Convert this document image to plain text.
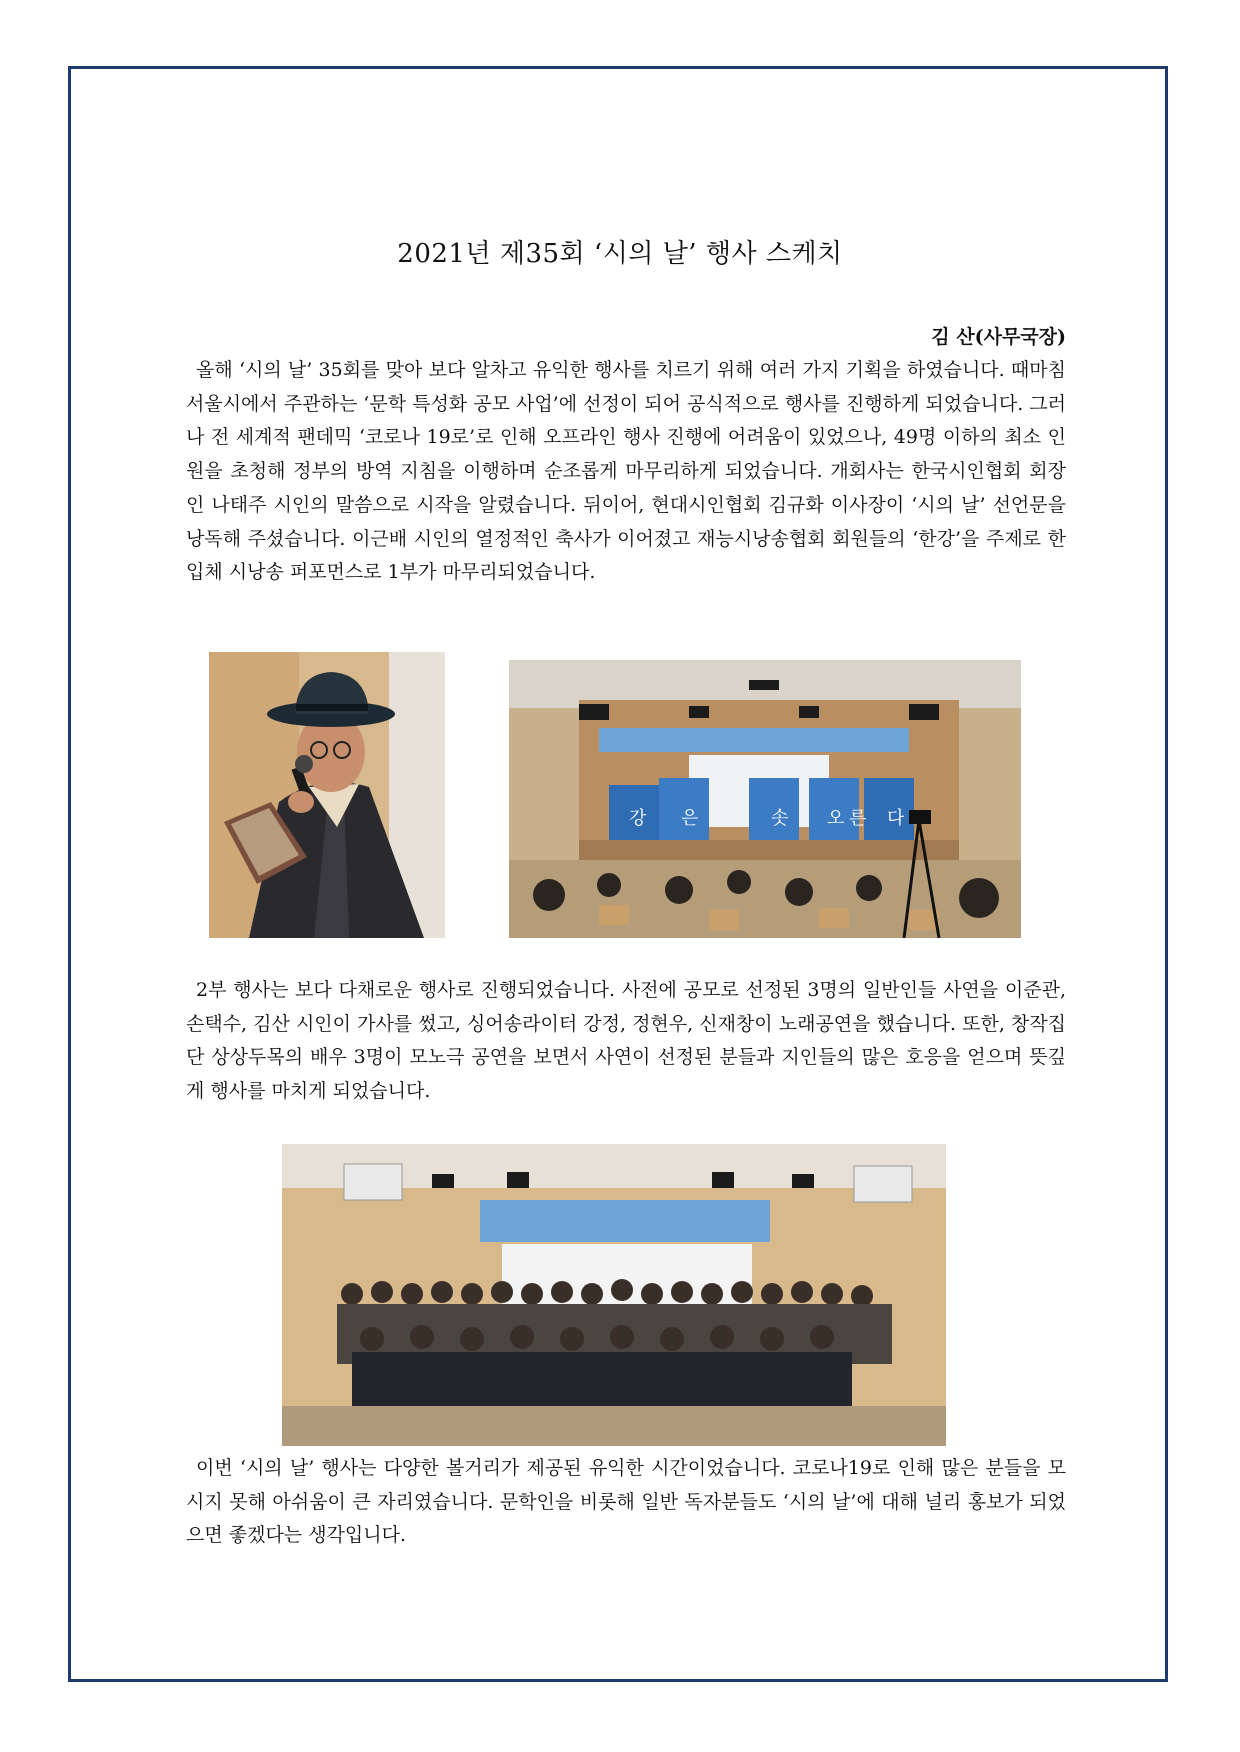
2021년 제35회 ‘시의 날’ 행사 스케치
김 산(사무국장)

올해 ‘시의 날’ 35회를 맞아 보다 알차고 유익한 행사를 치르기 위해 여러 가지 기획을 하였습니다. 때마침 서울시에서 주관하는 ‘문학 특성화 공모 사업’에 선정이 되어 공식적으로 행사를 진행하게 되었습니다. 그러나 전 세계적 팬데믹 ‘코로나 19로’로 인해 오프라인 행사 진행에 어려움이 있었으나, 49명 이하의 최소 인원을 초청해 정부의 방역 지침을 이행하며 순조롭게 마무리하게 되었습니다. 개회사는 한국시인협회 회장인 나태주 시인의 말씀으로 시작을 알렸습니다. 뒤이어, 현대시인협회 김규화 이사장이 ‘시의 날’ 선언문을 낭독해 주셨습니다. 이근배 시인의 열정적인 축사가 이어졌고 재능시낭송협회 회원들의 ‘한강’을 주제로 한 입체 시낭송 퍼포먼스로 1부가 마무리되었습니다.

강 은	솟 오 른 다

2부 행사는 보다 다채로운 행사로 진행되었습니다. 사전에 공모로 선정된 3명의 일반인들 사연을 이준관, 손택수, 김산 시인이 가사를 썼고, 싱어송라이터 강정, 정현우, 신재창이 노래공연을 했습니다. 또한, 창작집단 상상두목의 배우 3명이 모노극 공연을 보면서 사연이 선정된 분들과 지인들의 많은 호응을 얻으며 뜻깊게 행사를 마치게 되었습니다.

이번 ‘시의 날’ 행사는 다양한 볼거리가 제공된 유익한 시간이었습니다. 코로나19로 인해 많은 분들을 모시지 못해 아쉬움이 큰 자리였습니다. 문학인을 비롯해 일반 독자분들도 ‘시의 날’에 대해 널리 홍보가 되었으면 좋겠다는 생각입니다.
